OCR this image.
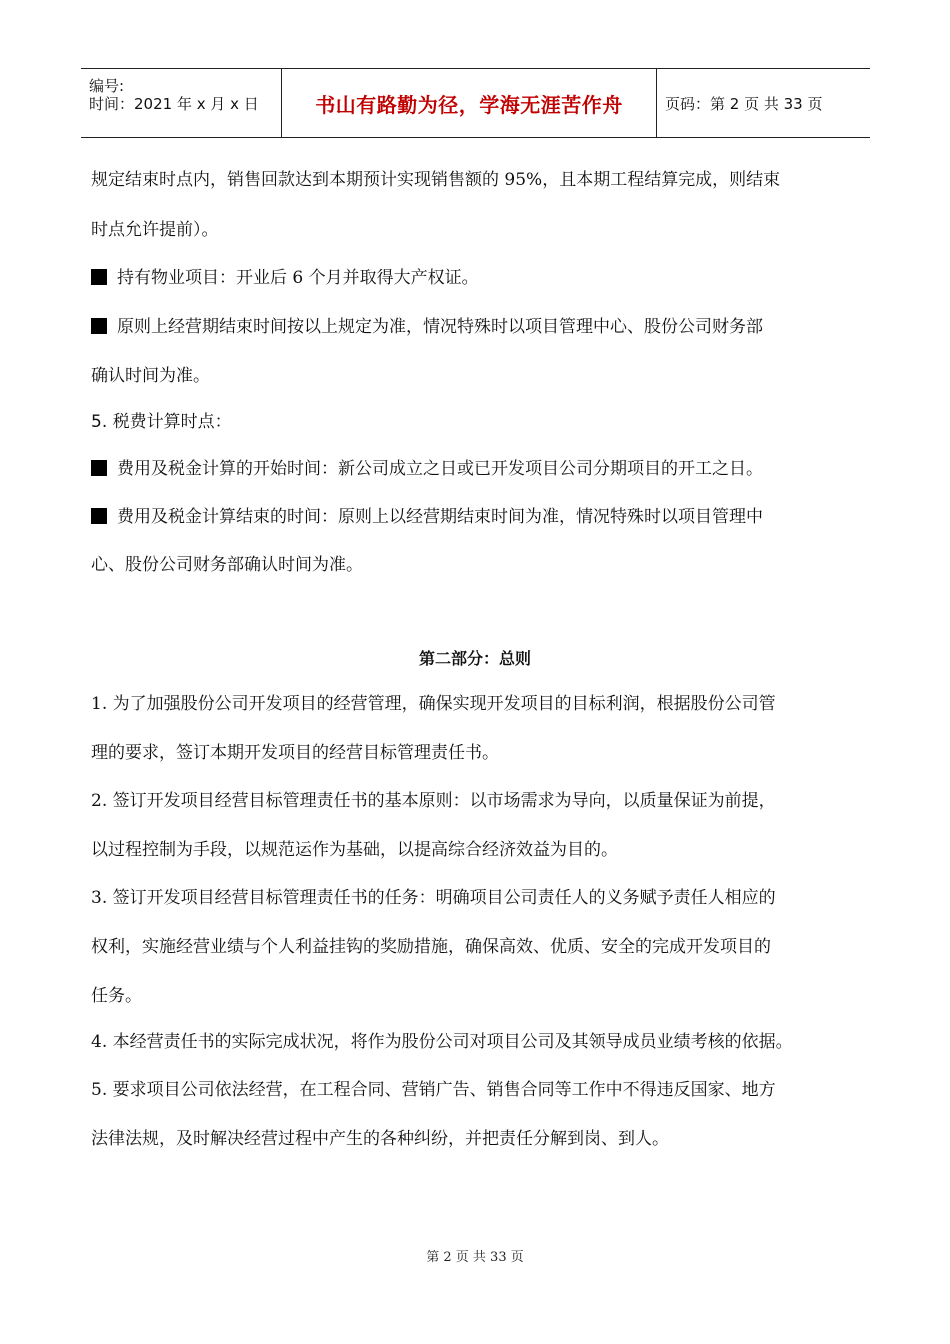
编号:
时间：2021 年 x 月 x 日	书山有路勤为径，学海无涯苦作舟	页码：第 2 页 共 33 页
规定结束时点内，销售回款达到本期预计实现销售额的 95%，且本期工程结算完成，则结束
时点允许提前）。
持有物业项目：开业后 6 个月并取得大产权证。
原则上经营期结束时间按以上规定为准，情况特殊时以项目管理中心、股份公司财务部
确认时间为准。
5. 税费计算时点：
费用及税金计算的开始时间：新公司成立之日或已开发项目公司分期项目的开工之日。
费用及税金计算结束的时间：原则上以经营期结束时间为准，情况特殊时以项目管理中
心、股份公司财务部确认时间为准。
第二部分：总则
1. 为了加强股份公司开发项目的经营管理，确保实现开发项目的目标利润，根据股份公司管
理的要求，签订本期开发项目的经营目标管理责任书。
2. 签订开发项目经营目标管理责任书的基本原则：以市场需求为导向，以质量保证为前提，
以过程控制为手段，以规范运作为基础，以提高综合经济效益为目的。
3. 签订开发项目经营目标管理责任书的任务：明确项目公司责任人的义务赋予责任人相应的
权利，实施经营业绩与个人利益挂钩的奖励措施，确保高效、优质、安全的完成开发项目的
任务。
4. 本经营责任书的实际完成状况，将作为股份公司对项目公司及其领导成员业绩考核的依据。
5. 要求项目公司依法经营，在工程合同、营销广告、销售合同等工作中不得违反国家、地方
法律法规，及时解决经营过程中产生的各种纠纷，并把责任分解到岗、到人。
第 2 页 共 33 页
